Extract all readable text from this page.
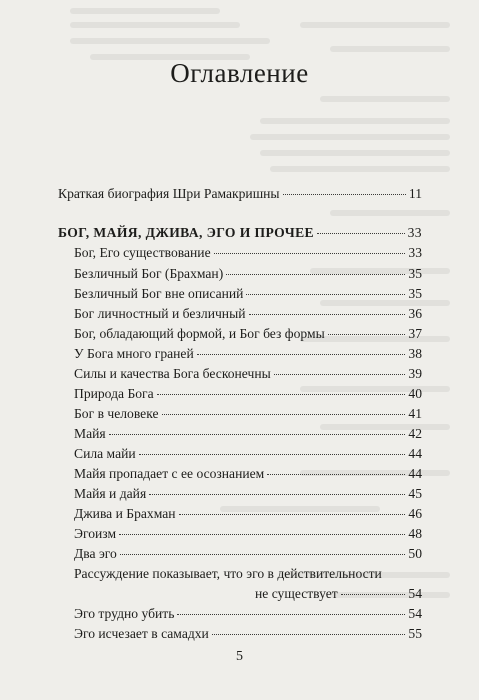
Оглавление
Краткая биография Шри Рамакришны	11
БОГ, МАЙЯ, ДЖИВА, ЭГО И ПРОЧЕЕ	33
Бог, Его существование	33
Безличный Бог (Брахман)	35
Безличный Бог вне описаний	35
Бог личностный и безличный	36
Бог, обладающий формой, и Бог без формы	37
У Бога много граней	38
Силы и качества Бога бесконечны	39
Природа Бога	40
Бог в человеке	41
Майя	42
Сила майи	44
Майя пропадает с ее осознанием	44
Майя и дайя	45
Джива и Брахман	46
Эгоизм	48
Два эго	50
Рассуждение показывает, что эго в действительности
не существует	54
Эго трудно убить	54
Эго исчезает в самадхи	55
5
